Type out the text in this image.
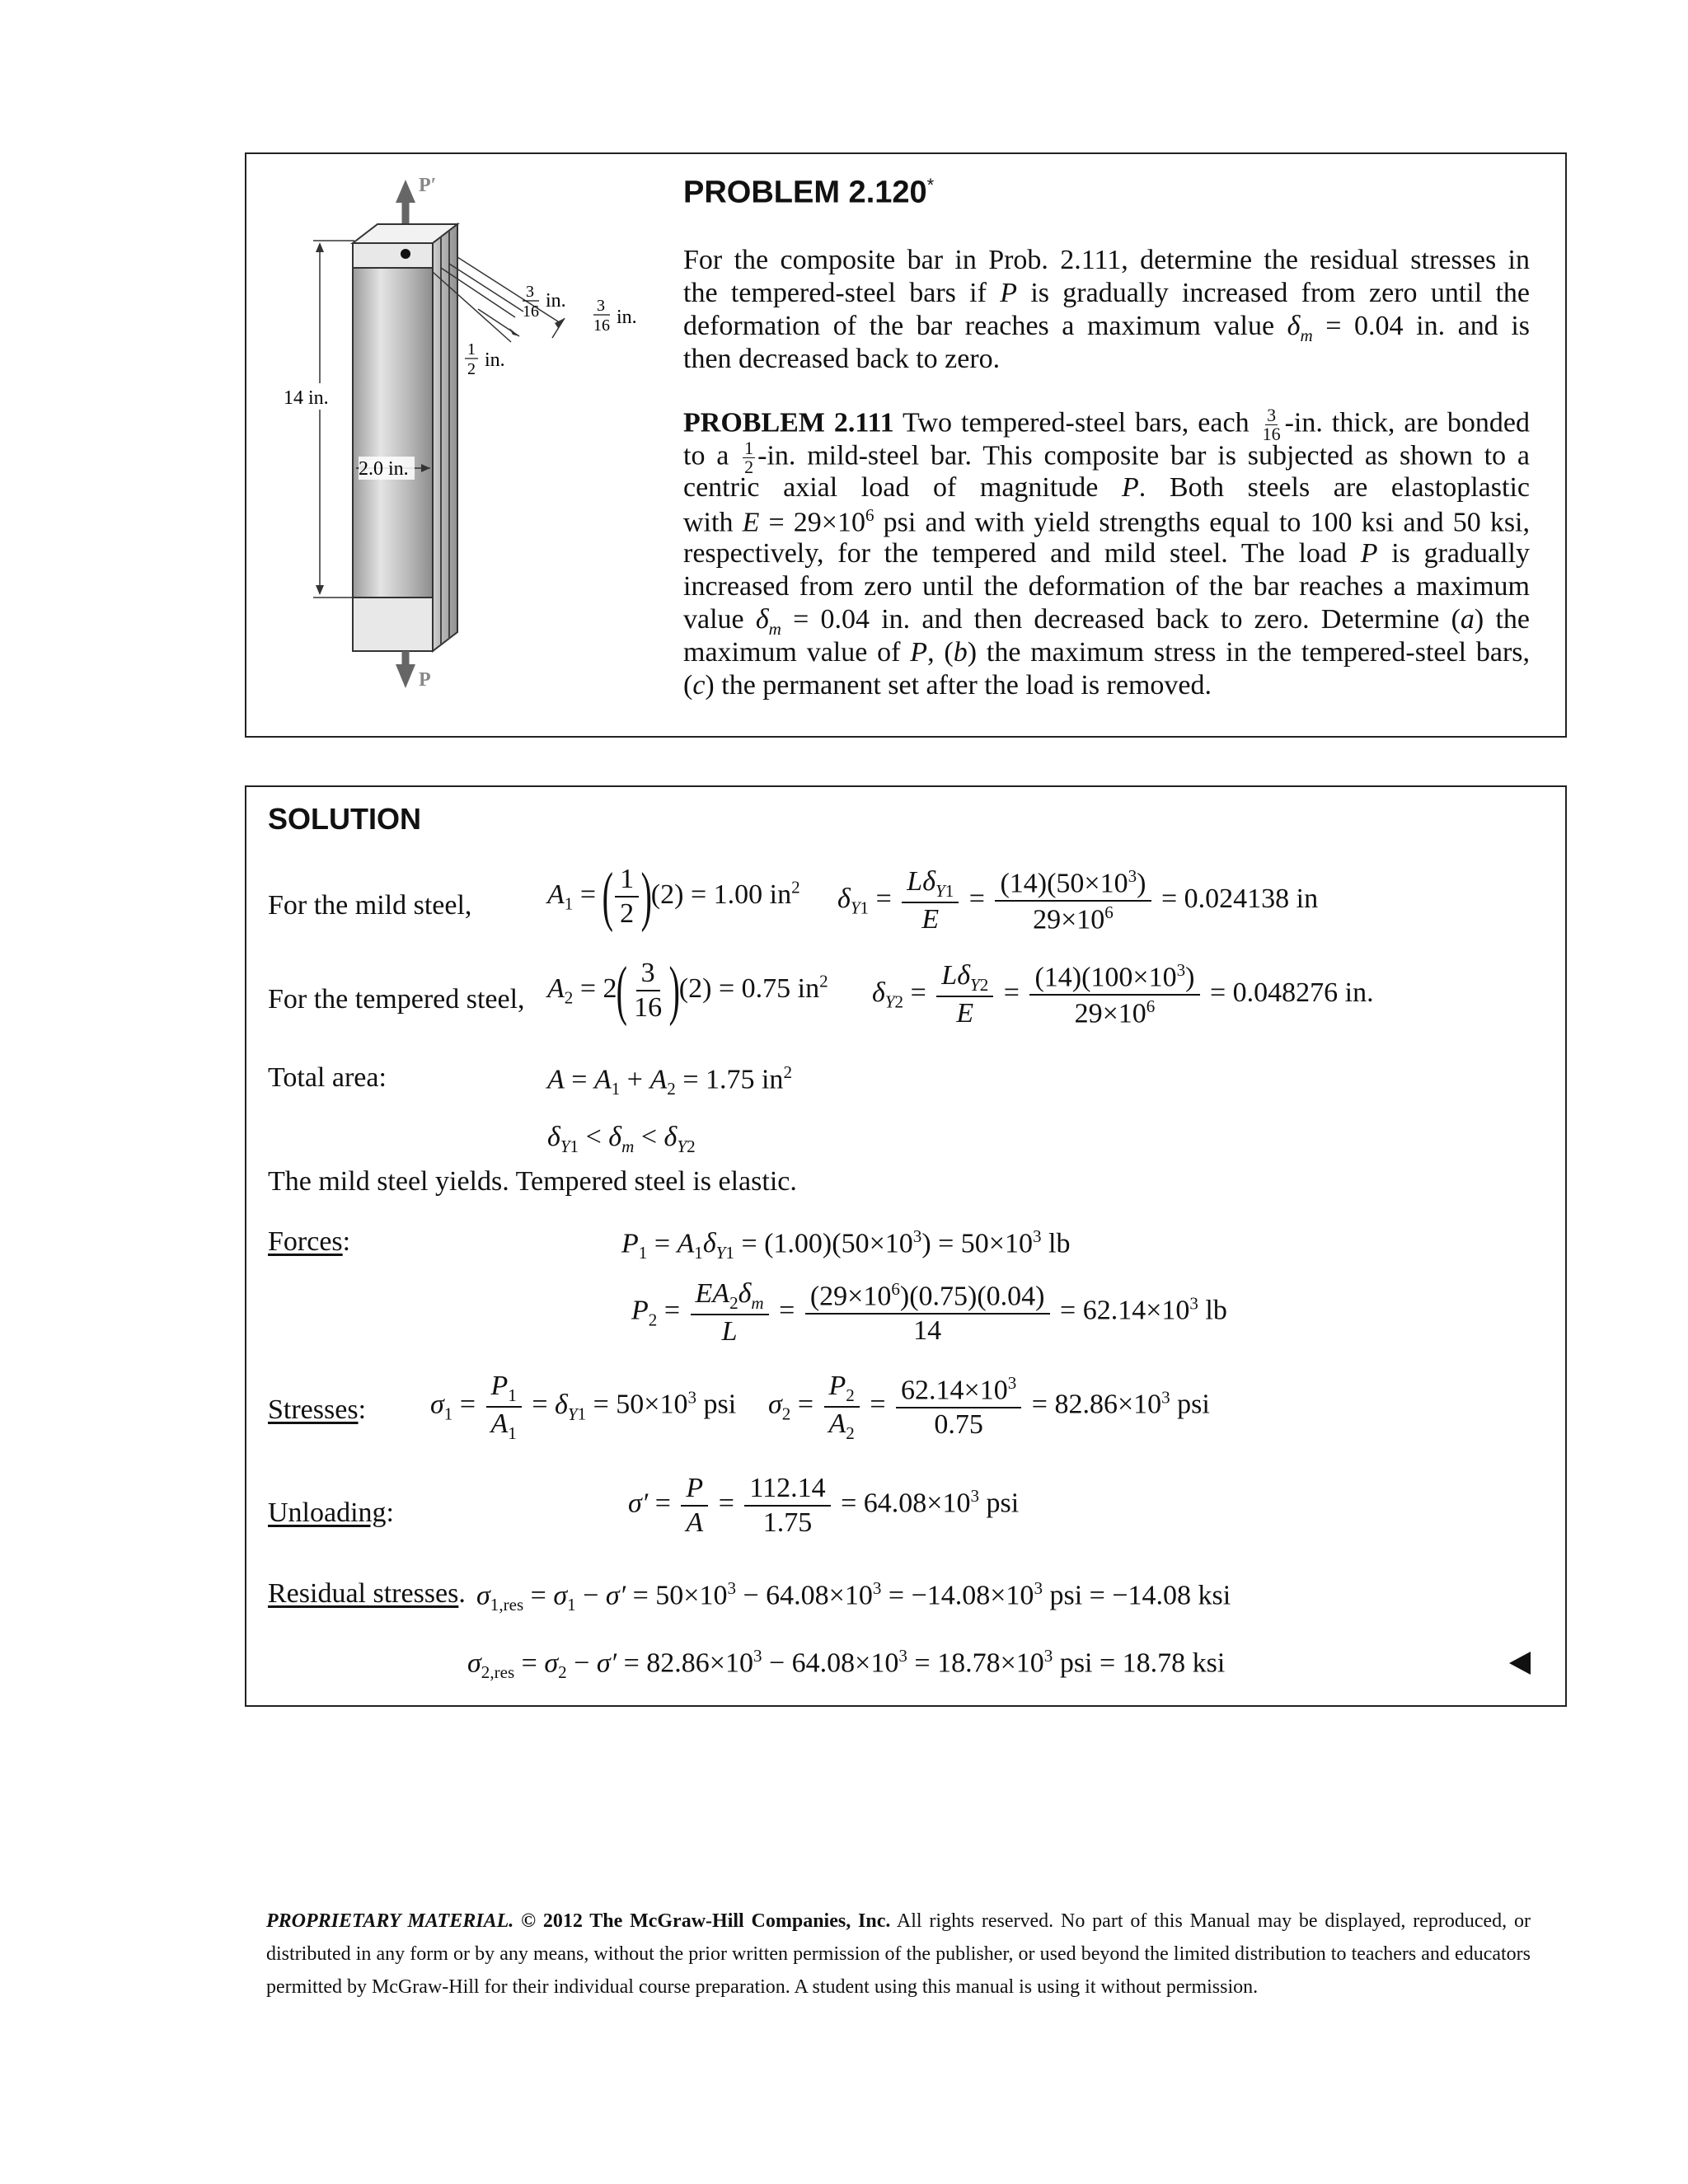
P′
P
14 in.
2.0 in.
3
16 in. 3
16 in.
1
2 in.
PROBLEM 2.120*
For the composite bar in Prob. 2.111, determine the residual stresses in
the tempered-steel bars if P is gradually increased from zero until the
deformation of the bar reaches a maximum value $\delta_m = 0.04$ in. and is
then decreased back to zero.
PROBLEM 2.111 Two tempered-steel bars, each $\frac{3}{16} -in$. thick, are bonded
to a $\frac{1}{2} -in$. mild-steel bar. This composite bar is subjected as shown to a
centric axial load of magnitude P. Both steels are elastoplastic
with $E = 29\times 10^6$ psi and with yield strengths equal to 100 ksi and 50 ksi,
respectively, for the tempered and mild steel. The load P is gradually
increased from zero until the deformation of the bar reaches a maximum
value $\delta_m = 0.04$ in. and then decreased back to zero. Determine (a) the
maximum value of P, (b) the maximum stress in the tempered-steel bars,
(c) the permanent set after the load is removed.
SOLUTION
For the mild steel,	$A_1$ = ( $\frac{1}{2} )(2) = 1.00$ $in^2$ $\delta_{Y1} = \frac{L\delta_{Y1}}{E} = \frac{(14)(50\times 10^3)}{29\times 10^6} = 0.024138$ in
For the tempered steel, $A_2 = 2( \frac{3}{16} )(2) = 0.75$ $in^2$ $\delta_{Y2} = \frac{L\delta_{Y2}}{E} = \frac{(14)(100\times 10^3)}{29\times 10^6} = 0.048276$ in.
Total area:	$A = A_1 + A_2 = 1.75$ $in^2$
$\delta_{Y1} < \delta_m < \delta_{Y2}$
The mild steel yields. Tempered steel is elastic.
Forces:	$P_1 = A_1\delta_{Y1} = (1.00)(50\times 10^3) = 50\times 10^3$ lb
$P_2 = \frac{EA_2\delta_m}{L} = \frac{(29\times 10^6)(0.75)(0.04)}{14} = 62.14\times 10^3$ lb
Stresses: $\sigma_1 = \frac{P_1}{A_1} = \delta_{Y1} = 50\times 10^3$ psi $\sigma_2 = \frac{P_2}{A_2} = \frac{62.14\times 10^3}{0.75} = 82.86\times 10^3$ psi
Unloading:	$\sigma' = \frac{P}{A} = \frac{112.14}{1.75} = 64.08\times 10^3$ psi
Residual stresses. $\sigma_{1,res} = \sigma_1 - \sigma' = 50\times 10^3 - 64.08\times 10^3 = -14.08\times 10^3$ psi = −14.08 ksi
$\sigma_{2,res} = \sigma_2 - \sigma' = 82.86\times 10^3 - 64.08\times 10^3 = 18.78\times 10^3$ psi = 18.78 ksi
PROPRIETARY MATERIAL. © 2012 The McGraw-Hill Companies, Inc. All rights reserved. No part of this Manual may be displayed, reproduced, or distributed in any form or by any means, without the prior written permission of the publisher, or used beyond the limited distribution to teachers and educators permitted by McGraw-Hill for their individual course preparation. A student using this manual is using it without permission.
